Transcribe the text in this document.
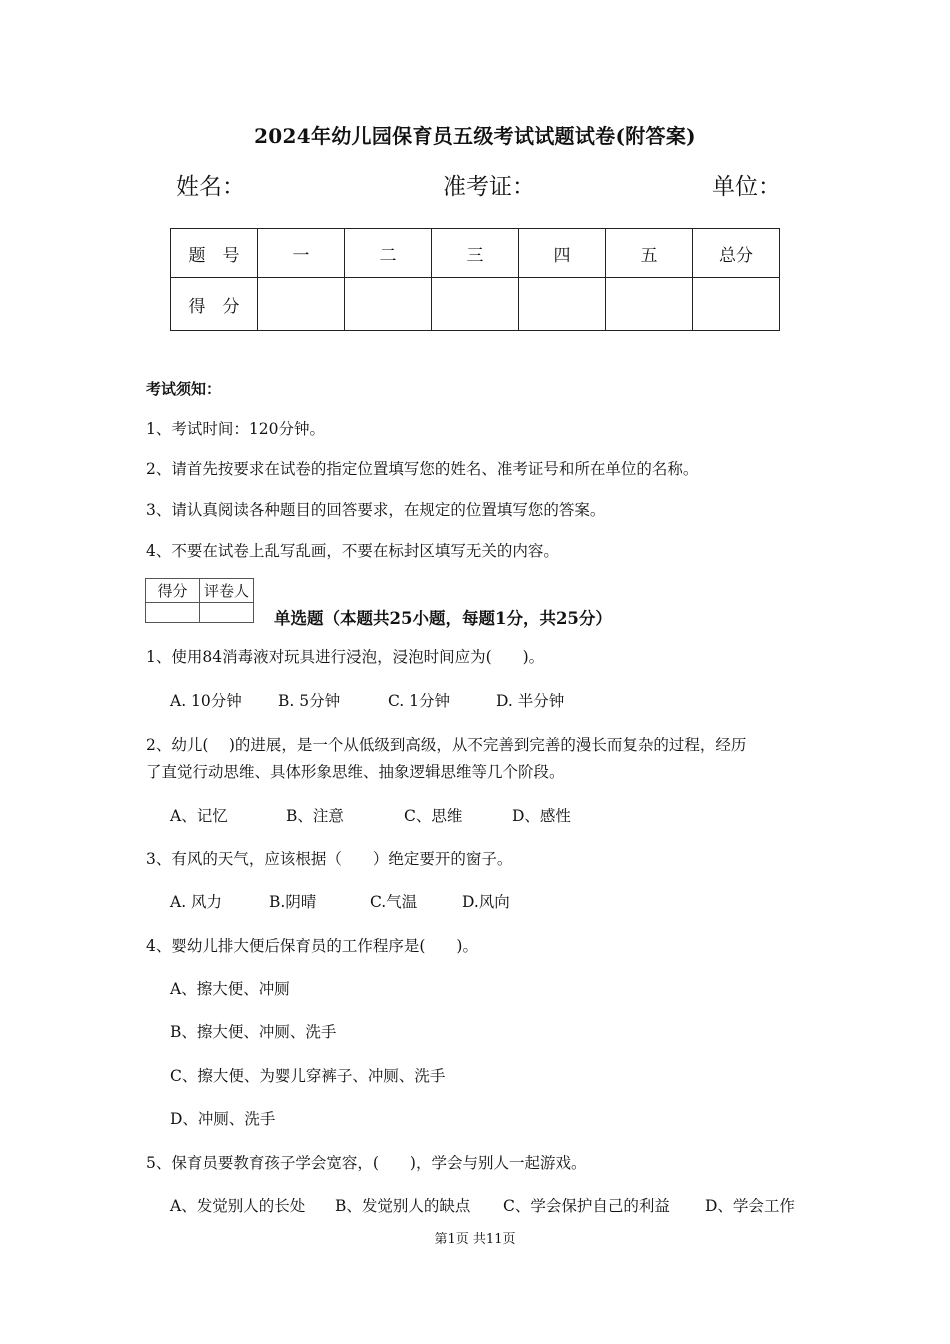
2024年幼儿园保育员五级考试试题试卷(附答案)
姓名：	准考证：	单位：
题　号	一	二	三	四	五	总分
得　分						
考试须知：
1、考试时间：120分钟。
2、请首先按要求在试卷的指定位置填写您的姓名、准考证号和所在单位的名称。
3、请认真阅读各种题目的回答要求，在规定的位置填写您的答案。
4、不要在试卷上乱写乱画，不要在标封区填写无关的内容。
得分	评卷人

单选题（本题共25小题，每题1分，共25分）
1、使用84消毒液对玩具进行浸泡，浸泡时间应为(　　)。
A. 10分钟 B. 5分钟	C. 1分钟	D. 半分钟
2、幼儿(　 )的进展，是一个从低级到高级，从不完善到完善的漫长而复杂的过程，经历
了直觉行动思维、具体形象思维、抽象逻辑思维等几个阶段。
A、记忆	B、注意	C、思维	D、感性
3、有风的天气，应该根据（　　）绝定要开的窗子。
A. 风力	B.阴晴	C.气温	D.风向
4、婴幼儿排大便后保育员的工作程序是(　　)。
A、擦大便、冲厕
B、擦大便、冲厕、洗手
C、擦大便、为婴儿穿裤子、冲厕、洗手
D、冲厕、洗手
5、保育员要教育孩子学会宽容，(　　)，学会与别人一起游戏。
A、发觉别人的长处 B、发觉别人的缺点 C、学会保护自己的利益 D、学会工作
第1页 共11页
